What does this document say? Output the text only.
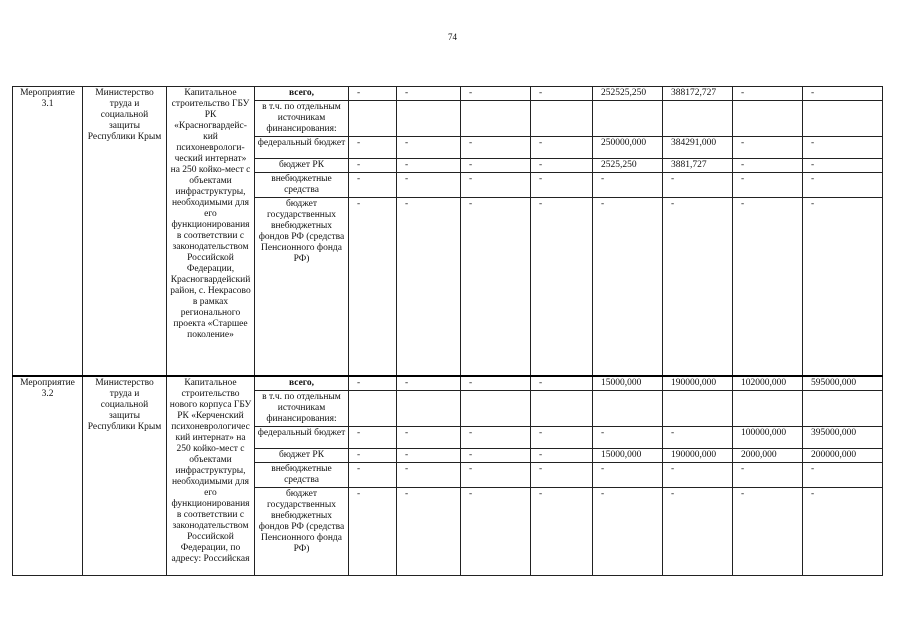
74
Мероприятие 3.1	Министерство труда и социальной защиты Республики Крым	Капитальное строительство ГБУ РК «Красногвардейс-кий психоневрологи-ческий интернат» на 250 койко-мест с объектами инфраструктуры, необходимыми для его функционирования в соответствии с законодательством Российской Федерации, Красногвардейский район, с. Некрасово в рамках регионального проекта «Старшее поколение»	всего,	-	-	-	-	252525,250	388172,727	-	-
			в т.ч. по отдельным источникам финансирования:								
			федеральный бюджет	-	-	-	-	250000,000	384291,000	-	-
			бюджет РК	-	-	-	-	2525,250	3881,727	-	-
			внебюджетные средства	-	-	-	-	-	-	-	-
			бюджет государственных внебюджетных фондов РФ (средства Пенсионного фонда РФ)	-	-	-	-	-	-	-	-
Мероприятие 3.2	Министерство труда и социальной защиты Республики Крым	Капитальное строительство нового корпуса ГБУ РК «Керченский психоневрологичес кий интернат» на 250 койко-мест с объектами инфраструктуры, необходимыми для его функционирования в соответствии с законодательством Российской Федерации, по адресу: Российская	всего,	-	-	-	-	15000,000	190000,000	102000,000	595000,000
			в т.ч. по отдельным источникам финансирования:								
			федеральный бюджет	-	-	-	-	-	-	100000,000	395000,000
			бюджет РК	-	-	-	-	15000,000	190000,000	2000,000	200000,000
			внебюджетные средства	-	-	-	-	-	-	-	-
			бюджет государственных внебюджетных фондов РФ (средства Пенсионного фонда РФ)	-	-	-	-	-	-	-	-
